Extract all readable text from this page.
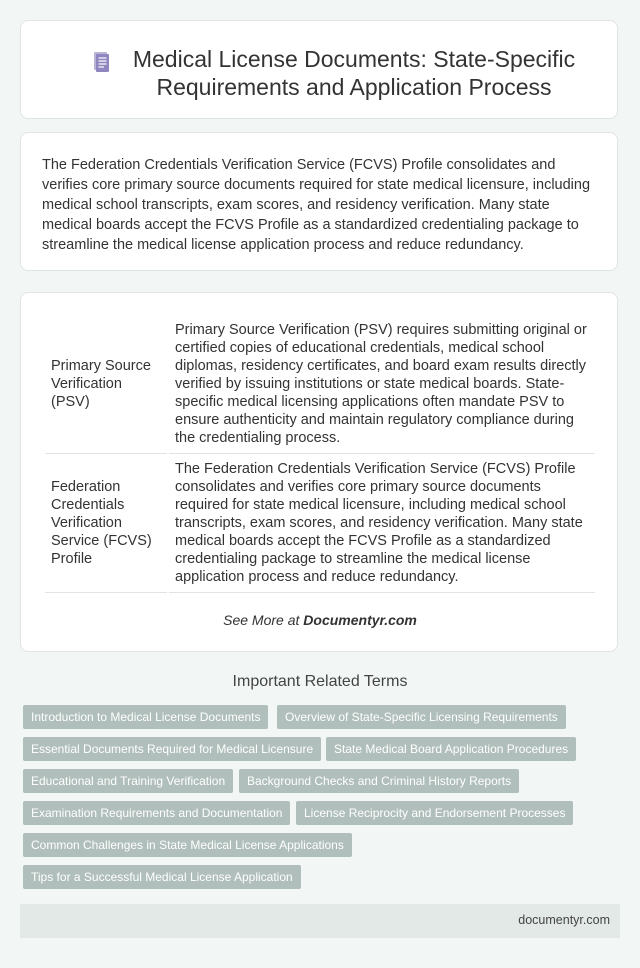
Medical License Documents: State-Specific Requirements and Application Process

The Federation Credentials Verification Service (FCVS) Profile consolidates and verifies core primary source documents required for state medical licensure, including medical school transcripts, exam scores, and residency verification. Many state medical boards accept the FCVS Profile as a standardized credentialing package to streamline the medical license application process and reduce redundancy.

Primary Source Verification (PSV)	Primary Source Verification (PSV) requires submitting original or certified copies of educational credentials, medical school diplomas, residency certificates, and board exam results directly verified by issuing institutions or state medical boards. State-specific medical licensing applications often mandate PSV to ensure authenticity and maintain regulatory compliance during the credentialing process.
Federation Credentials Verification Service (FCVS) Profile	The Federation Credentials Verification Service (FCVS) Profile consolidates and verifies core primary source documents required for state medical licensure, including medical school transcripts, exam scores, and residency verification. Many state medical boards accept the FCVS Profile as a standardized credentialing package to streamline the medical license application process and reduce redundancy.
See More at Documentyr.com
Important Related Terms
Introduction to Medical License Documents	Overview of State-Specific Licensing Requirements
Essential Documents Required for Medical Licensure	State Medical Board Application Procedures
Educational and Training Verification	Background Checks and Criminal History Reports
Examination Requirements and Documentation	License Reciprocity and Endorsement Processes
Common Challenges in State Medical License Applications
Tips for a Successful Medical License Application
documentyr.com
